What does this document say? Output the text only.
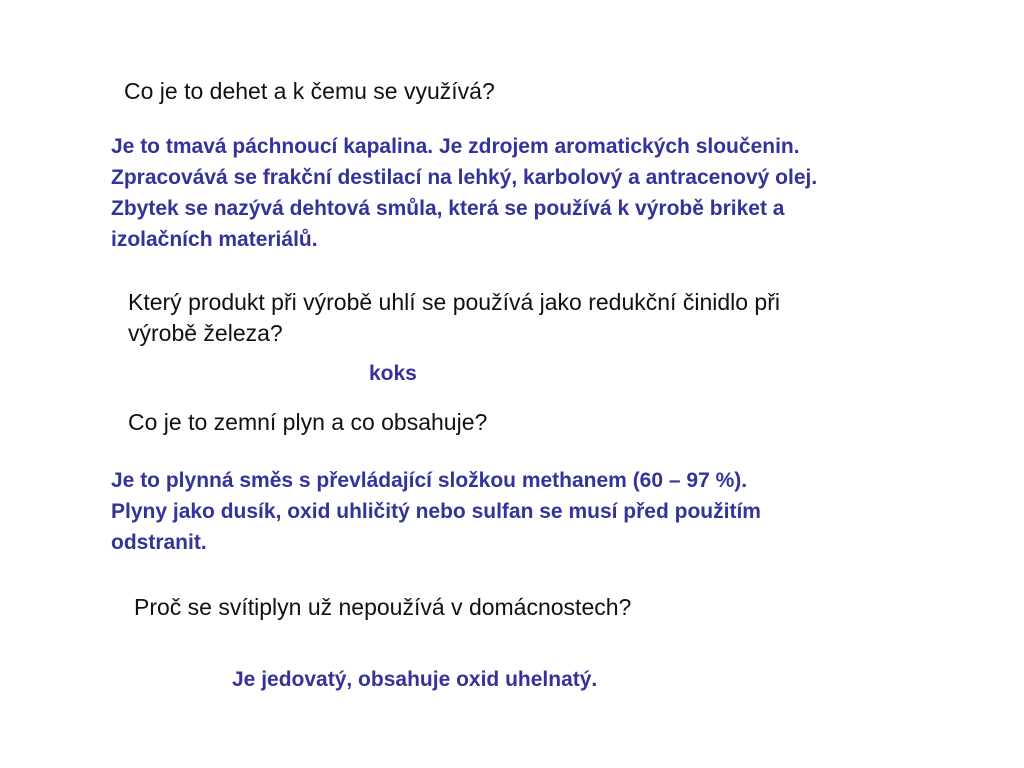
Co je to dehet a k čemu se využívá?

Je to tmavá páchnoucí kapalina. Je zdrojem aromatických sloučenin.
Zpracovává se frakční destilací na lehký, karbolový a antracenový olej.
Zbytek se nazývá dehtová smůla, která se používá k výrobě briket a
izolačních materiálů.

Který produkt při výrobě uhlí se používá jako redukční činidlo při
výrobě železa?

koks

Co je to zemní plyn a co obsahuje?

Je to plynná směs s převládající složkou methanem (60 – 97 %).
Plyny jako dusík, oxid uhličitý nebo sulfan se musí před použitím
odstranit.

Proč se svítiplyn už nepoužívá v domácnostech?

Je jedovatý, obsahuje oxid uhelnatý.
